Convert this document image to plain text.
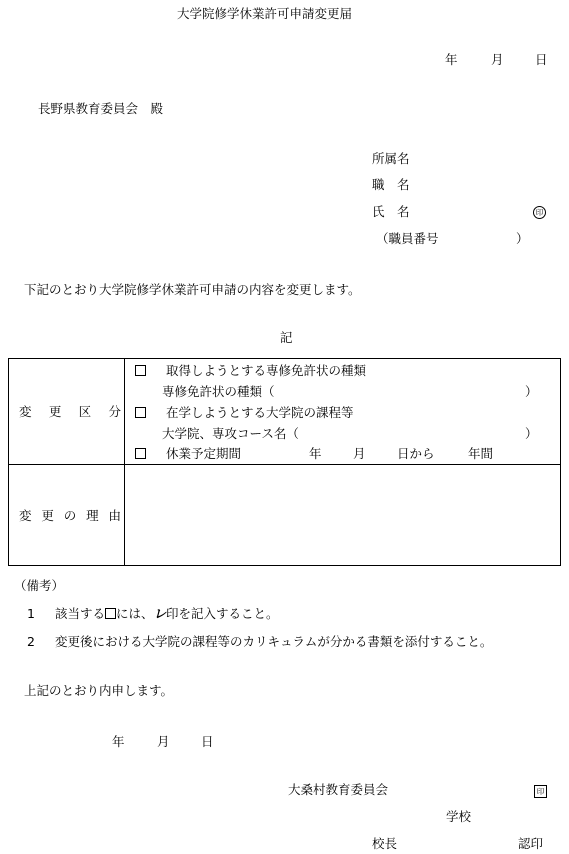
大学院修学休業許可申請変更届
年	月	日
長野県教育委員会　殿
所属名
職　名
氏　名	印
（職員番号	）
下記のとおり大学院修学休業許可申請の内容を変更します。
記
変 更 区 分
取得しようとする専修免許状の種類
専修免許状の種類（	）
在学しようとする大学院の課程等
大学院、専攻コース名（	）
休業予定期間	年	月	日から	年間
変 更 の 理 由
（備考）
1 該当する には、レ印を記入すること。
2 変更後における大学院の課程等のカリキュラムが分かる書類を添付すること。
上記のとおり内申します。
年	月	日
大桑村教育委員会	印
学校
校長	認印
